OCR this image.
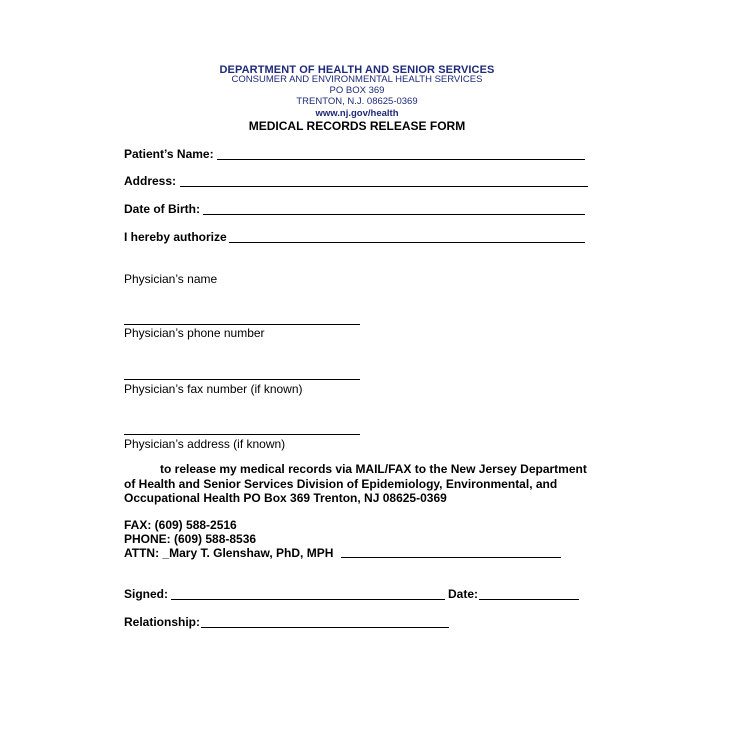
DEPARTMENT OF HEALTH AND SENIOR SERVICES
CONSUMER AND ENVIRONMENTAL HEALTH SERVICES
PO BOX 369
TRENTON, N.J. 08625-0369
www.nj.gov/health
MEDICAL RECORDS RELEASE FORM
Patient’s Name:
Address:
Date of Birth:
I hereby authorize
Physician’s name
Physician’s phone number
Physician’s fax number (if known)
Physician’s address (if known)
to release my medical records via MAIL/FAX to the New Jersey Department
of Health and Senior Services Division of Epidemiology, Environmental, and
Occupational Health PO Box 369 Trenton, NJ 08625-0369
FAX: (609) 588-2516
PHONE: (609) 588-8536
ATTN: _Mary T. Glenshaw, PhD, MPH
Signed:	Date:
Relationship:
